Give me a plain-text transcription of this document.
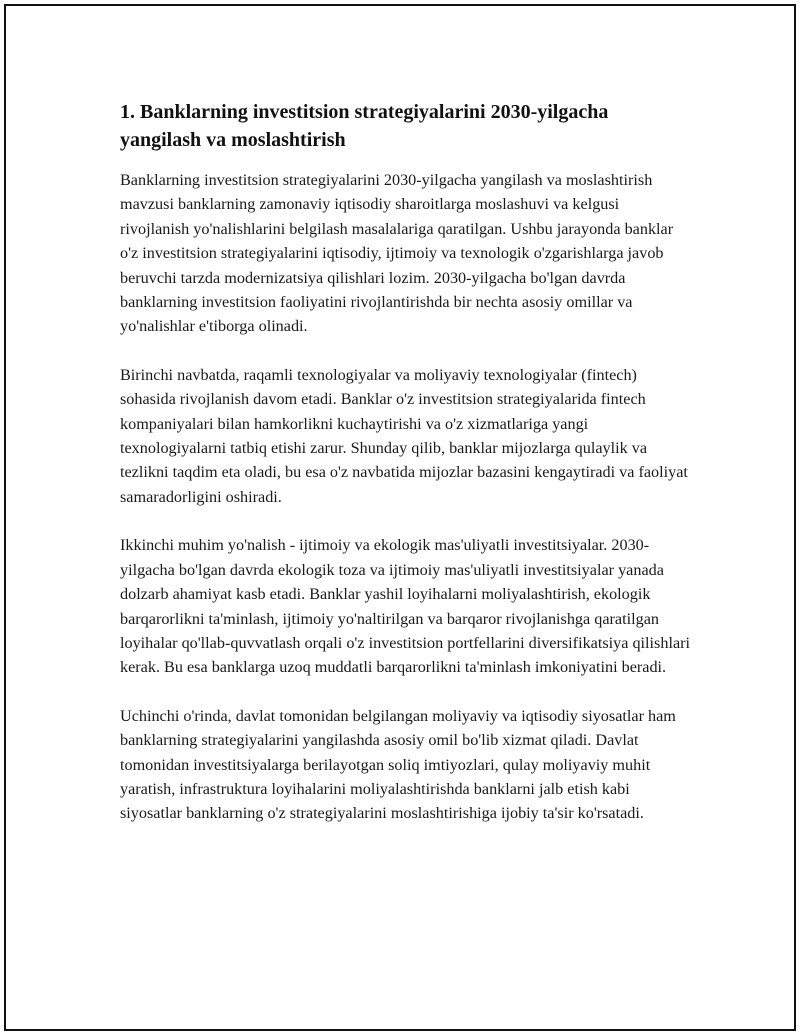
1. Banklarning investitsion strategiyalarini 2030-yilgacha yangilash va moslashtirish

Banklarning investitsion strategiyalarini 2030-yilgacha yangilash va moslashtirish mavzusi banklarning zamonaviy iqtisodiy sharoitlarga moslashuvi va kelgusi rivojlanish yo'nalishlarini belgilash masalalariga qaratilgan. Ushbu jarayonda banklar o'z investitsion strategiyalarini iqtisodiy, ijtimoiy va texnologik o'zgarishlarga javob beruvchi tarzda modernizatsiya qilishlari lozim. 2030-yilgacha bo'lgan davrda banklarning investitsion faoliyatini rivojlantirishda bir nechta asosiy omillar va yo'nalishlar e'tiborga olinadi.

Birinchi navbatda, raqamli texnologiyalar va moliyaviy texnologiyalar (fintech) sohasida rivojlanish davom etadi. Banklar o'z investitsion strategiyalarida fintech kompaniyalari bilan hamkorlikni kuchaytirishi va o'z xizmatlariga yangi texnologiyalarni tatbiq etishi zarur. Shunday qilib, banklar mijozlarga qulaylik va tezlikni taqdim eta oladi, bu esa o'z navbatida mijozlar bazasini kengaytiradi va faoliyat samaradorligini oshiradi.

Ikkinchi muhim yo'nalish - ijtimoiy va ekologik mas'uliyatli investitsiyalar. 2030-yilgacha bo'lgan davrda ekologik toza va ijtimoiy mas'uliyatli investitsiyalar yanada dolzarb ahamiyat kasb etadi. Banklar yashil loyihalarni moliyalashtirish, ekologik barqarorlikni ta'minlash, ijtimoiy yo'naltirilgan va barqaror rivojlanishga qaratilgan loyihalar qo'llab-quvvatlash orqali o'z investitsion portfellarini diversifikatsiya qilishlari kerak. Bu esa banklarga uzoq muddatli barqarorlikni ta'minlash imkoniyatini beradi.

Uchinchi o'rinda, davlat tomonidan belgilangan moliyaviy va iqtisodiy siyosatlar ham banklarning strategiyalarini yangilashda asosiy omil bo'lib xizmat qiladi. Davlat tomonidan investitsiyalarga berilayotgan soliq imtiyozlari, qulay moliyaviy muhit yaratish, infrastruktura loyihalarini moliyalashtirishda banklarni jalb etish kabi siyosatlar banklarning o'z strategiyalarini moslashtirishiga ijobiy ta'sir ko'rsatadi.
